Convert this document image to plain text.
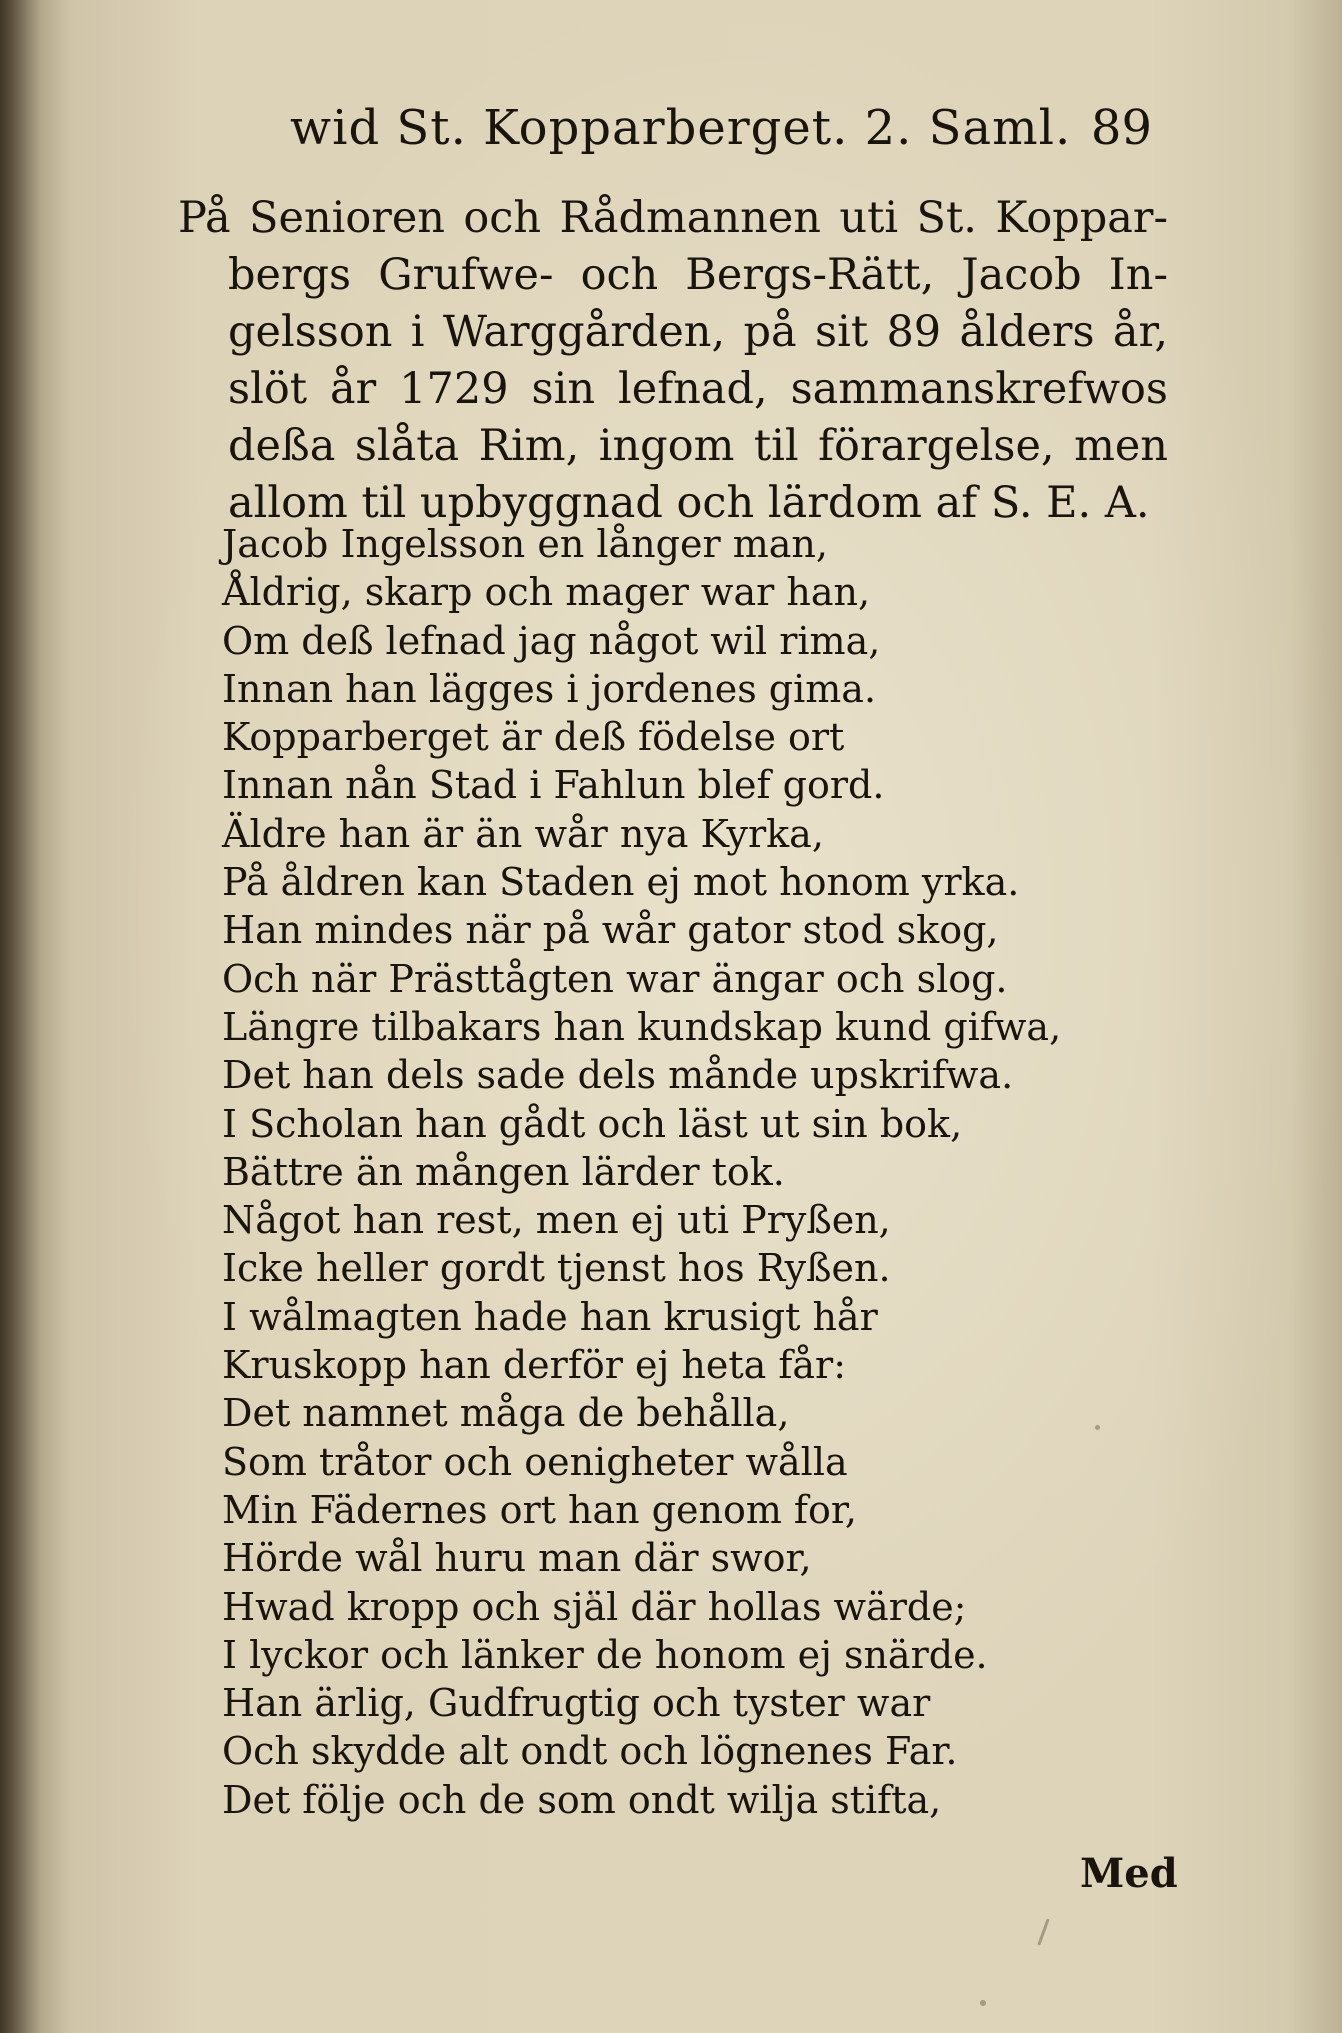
wid St. Kopparberget. 2. Saml. 89
På Senioren och Rådmannen uti St. Koppar-
bergs Grufwe- och Bergs-Rätt, Jacob In-
gelsson i Warggården, på sit 89 ålders år,
slöt år 1729 sin lefnad, sammanskrefwos
deßa slåta Rim, ingom til förargelse, men
allom til upbyggnad och lärdom af S. E. A.
Jacob Ingelsson en långer man,
Åldrig, skarp och mager war han,
Om deß lefnad jag något wil rima,
Innan han lägges i jordenes gima.
Kopparberget är deß födelse ort
Innan nån Stad i Fahlun blef gord.
Äldre han är än wår nya Kyrka,
På åldren kan Staden ej mot honom yrka.
Han mindes när på wår gator stod skog,
Och när Prästtågten war ängar och slog.
Längre tilbakars han kundskap kund gifwa,
Det han dels sade dels månde upskrifwa.
I Scholan han gådt och läst ut sin bok,
Bättre än mången lärder tok.
Något han rest, men ej uti Pryßen,
Icke heller gordt tjenst hos Ryßen.
I wålmagten hade han krusigt hår
Kruskopp han derför ej heta får:
Det namnet måga de behålla,
Som tråtor och oenigheter wålla
Min Fädernes ort han genom for,
Hörde wål huru man där swor,
Hwad kropp och själ där hollas wärde;
I lyckor och länker de honom ej snärde.
Han ärlig, Gudfrugtig och tyster war
Och skydde alt ondt och lögnenes Far.
Det följe och de som ondt wilja stifta,
Med
